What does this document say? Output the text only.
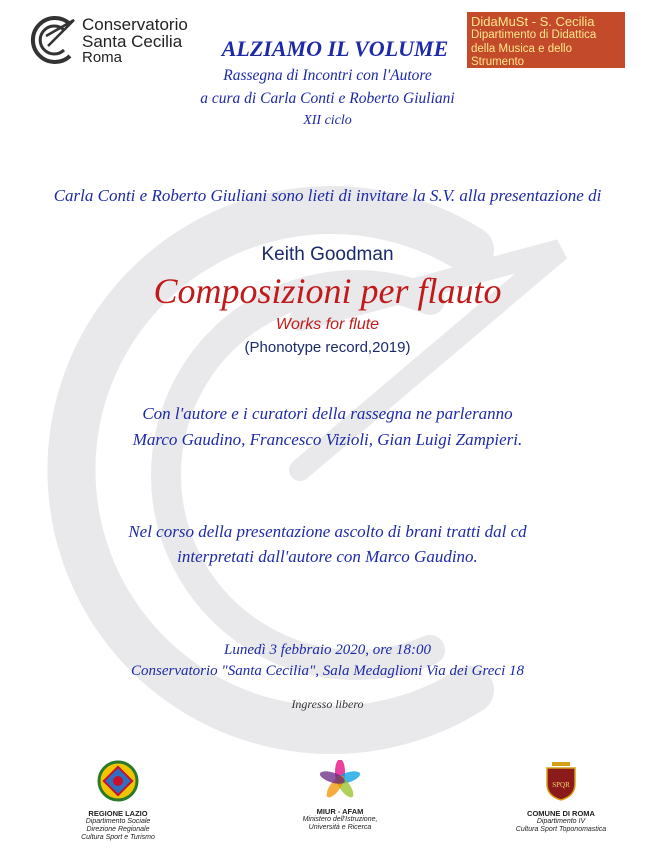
Conservatorio
Santa Cecilia
Roma
DidaMuSt - S. Cecilia
Dipartimento di Didattica
della Musica e dello Strumento
ALZIAMO IL VOLUME
Rassegna di Incontri con l'Autore
a cura di Carla Conti e Roberto Giuliani
XII ciclo
Carla Conti e Roberto Giuliani sono lieti di invitare la S.V. alla presentazione di
Keith Goodman
Composizioni per flauto
Works for flute
(Phonotype record,2019)
Con l'autore e i curatori della rassegna ne parleranno
Marco Gaudino, Francesco Vizioli, Gian Luigi Zampieri.
Nel corso della presentazione ascolto di brani tratti dal cd
interpretati dall'autore con Marco Gaudino.
Lunedì 3 febbraio 2020, ore 18:00
Conservatorio "Santa Cecilia", Sala Medaglioni Via dei Greci 18
Ingresso libero
REGIONE LAZIO
Dipartimento Sociale
Direzione Regionale
Cultura Sport e Turismo
MIUR - AFAM
Ministero dell'Istruzione,
Università e Ricerca
SPQR
COMUNE DI ROMA
Dipartimento IV
Cultura Sport Toponomastica
